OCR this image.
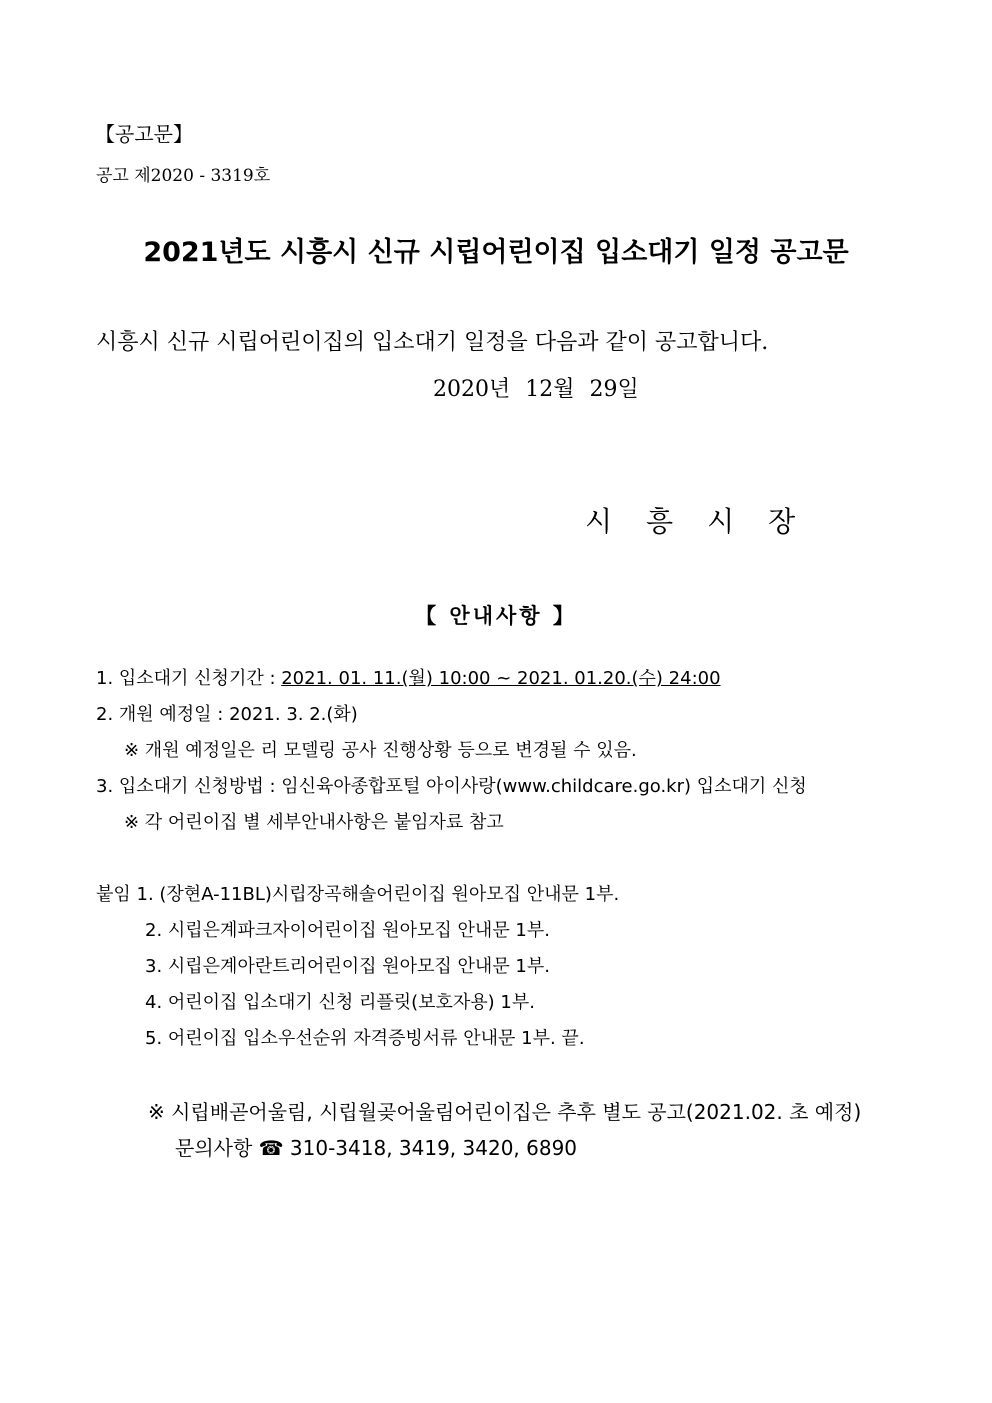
【공고문】
공고 제2020 - 3319호
2021년도 시흥시 신규 시립어린이집 입소대기 일정 공고문
시흥시 신규 시립어린이집의 입소대기 일정을 다음과 같이 공고합니다.
2020년 12월 29일
시흥시장
【 안내사항 】
1. 입소대기 신청기간 : 2021. 01. 11.(월) 10:00 ~ 2021. 01.20.(수) 24:00
2. 개원 예정일 : 2021. 3. 2.(화)
※ 개원 예정일은 리 모델링 공사 진행상황 등으로 변경될 수 있음.
3. 입소대기 신청방법 : 임신육아종합포털 아이사랑(www.childcare.go.kr) 입소대기 신청
※ 각 어린이집 별 세부안내사항은 붙임자료 참고
붙임 1. (장현A-11BL)시립장곡해솔어린이집 원아모집 안내문 1부.
2. 시립은계파크자이어린이집 원아모집 안내문 1부.
3. 시립은계아란트리어린이집 원아모집 안내문 1부.
4. 어린이집 입소대기 신청 리플릿(보호자용) 1부.
5. 어린이집 입소우선순위 자격증빙서류 안내문 1부. 끝.
※ 시립배곧어울림, 시립월곶어울림어린이집은 추후 별도 공고(2021.02. 초 예정)
문의사항 ☎ 310-3418, 3419, 3420, 6890
